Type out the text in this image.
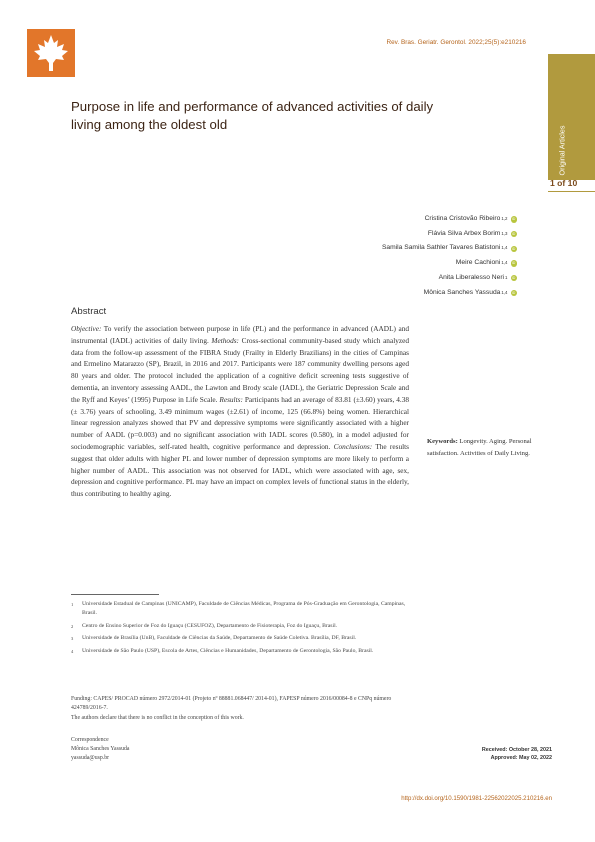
Rev. Bras. Geriatr. Gerontol. 2022;25(5):e210216
Original Articles
1 of 10
Purpose in life and performance of advanced activities of daily living among the oldest old
Cristina Cristovão Ribeiro 1,2	iD
Flávia Silva Arbex Borim 1,3	iD
Samila Samila Sathler Tavares Batistoni 1,4	iD
Meire Cachioni 1,4	iD
Anita Liberalesso Neri 1	iD
Mônica Sanches Yassuda 1,4	iD
Abstract
Objective: To verify the association between purpose in life (PL) and the performance in advanced (AADL) and instrumental (IADL) activities of daily living. Methods: Cross-sectional community-based study which analyzed data from the follow-up assessment of the FIBRA Study (Frailty in Elderly Brazilians) in the cities of Campinas and Ermelino Matarazzo (SP), Brazil, in 2016 and 2017. Participants were 187 community dwelling persons aged 80 years and older. The protocol included the application of a cognitive deficit screening tests suggestive of dementia, an inventory assessing AADL, the Lawton and Brody scale (IADL), the Geriatric Depression Scale and the Ryff and Keyes’ (1995) Purpose in Life Scale. Results: Participants had an average of 83.81 (±3.60) years, 4.38 (± 3.76) years of schooling, 3.49 minimum wages (±2.61) of income, 125 (66.8%) being women. Hierarchical linear regression analyzes showed that PV and depressive symptoms were significantly associated with a higher number of AADL (p=0.003) and no significant association with IADL scores (0.580), in a model adjusted for sociodemographic variables, self-rated health, cognitive performance and depression. Conclusions: The results suggest that older adults with higher PL and lower number of depression symptoms are more likely to perform a higher number of AADL. This association was not observed for IADL, which were associated with age, sex, depression and cognitive performance. PL may have an impact on complex levels of functional status in the elderly, thus contributing to healthy aging.
Keywords: Longevity. Aging. Personal satisfaction. Activities of Daily Living.
1	Universidade Estadual de Campinas (UNICAMP), Faculdade de Ciências Médicas, Programa de Pós-Graduação em Gerontologia, Campinas, Brasil.
2	Centro de Ensino Superior de Foz do Iguaçu (CESUFOZ), Departamento de Fisioterapia, Foz do Iguaçu, Brasil.
3	Universidade de Brasília (UnB), Faculdade de Ciências da Saúde, Departamento de Saúde Coletiva. Brasília, DF, Brasil.
4	Universidade de São Paulo (USP), Escola de Artes, Ciências e Humanidades, Departamento de Gerontologia, São Paulo, Brasil.
Funding: CAPES/ PROCAD número 2972/2014-01 (Projeto nº 88881.068447/ 2014-01), FAPESP número 2016/00084-8 e CNPq número 424789/2016-7.
The authors declare that there is no conflict in the conception of this work.
Correspondence
Mônica Sanches Yassuda
yassuda@usp.br
Received: October 28, 2021
Approved: May 02, 2022
http://dx.doi.org/10.1590/1981-22562022025.210216.en
